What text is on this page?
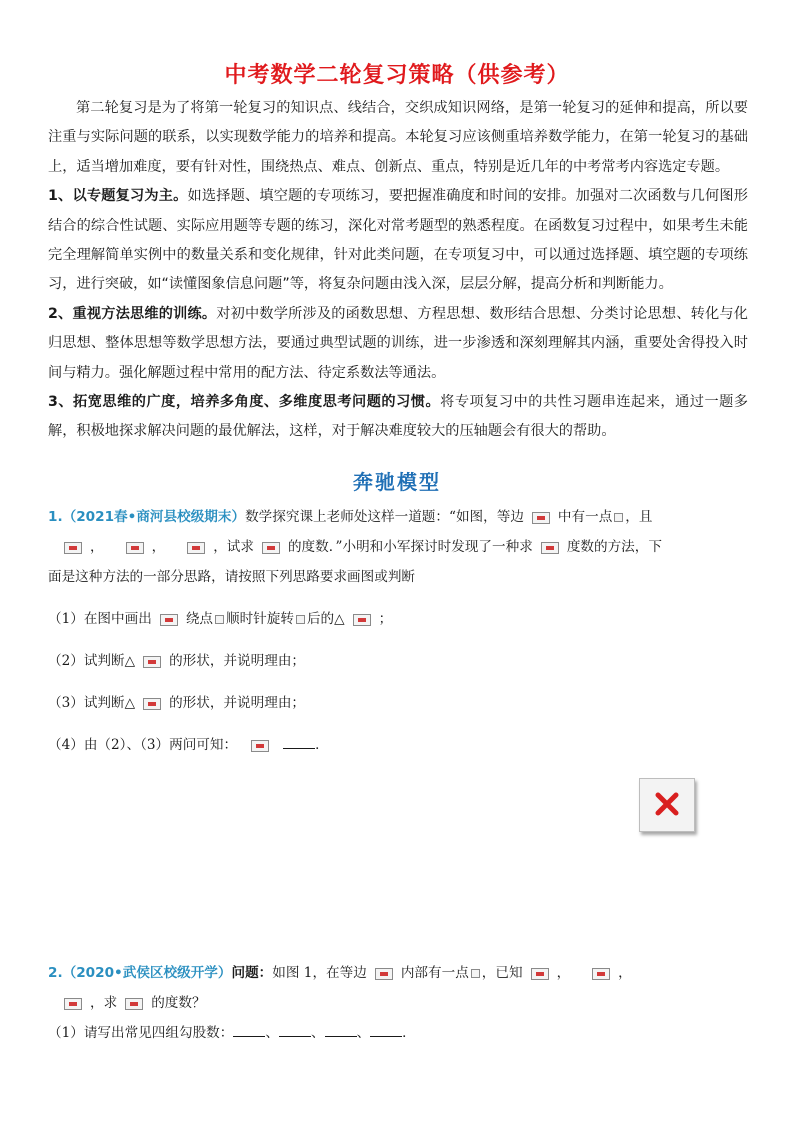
中考数学二轮复习策略（供参考）

第二轮复习是为了将第一轮复习的知识点、线结合，交织成知识网络，是第一轮复习的延伸和提高，所以要注重与实际问题的联系，以实现数学能力的培养和提高。本轮复习应该侧重培养数学能力，在第一轮复习的基础上，适当增加难度，要有针对性，围绕热点、难点、创新点、重点，特别是近几年的中考常考内容选定专题。

1、以专题复习为主。如选择题、填空题的专项练习，要把握准确度和时间的安排。加强对二次函数与几何图形结合的综合性试题、实际应用题等专题的练习，深化对常考题型的熟悉程度。在函数复习过程中，如果考生未能完全理解简单实例中的数量关系和变化规律，针对此类问题，在专项复习中，可以通过选择题、填空题的专项练习，进行突破，如“读懂图象信息问题”等，将复杂问题由浅入深，层层分解，提高分析和判断能力。

2、重视方法思维的训练。对初中数学所涉及的函数思想、方程思想、数形结合思想、分类讨论思想、转化与化归思想、整体思想等数学思想方法，要通过典型试题的训练，进一步渗透和深刻理解其内涵，重要处舍得投入时间与精力。强化解题过程中常用的配方法、待定系数法等通法。

3、拓宽思维的广度，培养多角度、多维度思考问题的习惯。将专项复习中的共性习题串连起来，通过一题多解，积极地探求解决问题的最优解法，这样，对于解决难度较大的压轴题会有很大的帮助。

奔驰模型
1.（2021春•商河县校级期末）数学探究课上老师处这样一道题：“如图，等边	中有一点 ，且
，	，	，试求	的度数．”小明和小军探讨时发现了一种求	度数的方法，下
面是这种方法的一部分思路，请按照下列思路要求画图或判断
（1）在图中画出	绕点 顺时针旋转 后的△	；
（2）试判断△	的形状，并说明理由；
（3）试判断△	的形状，并说明理由；
（4）由（2）、（3）两问可知：	．
2.（2020•武侯区校级开学）问题：如图 1，在等边	内部有一点 ，已知	，	，
，求	的度数？
（1）请写出常见四组勾股数： 、 、 、 ．
